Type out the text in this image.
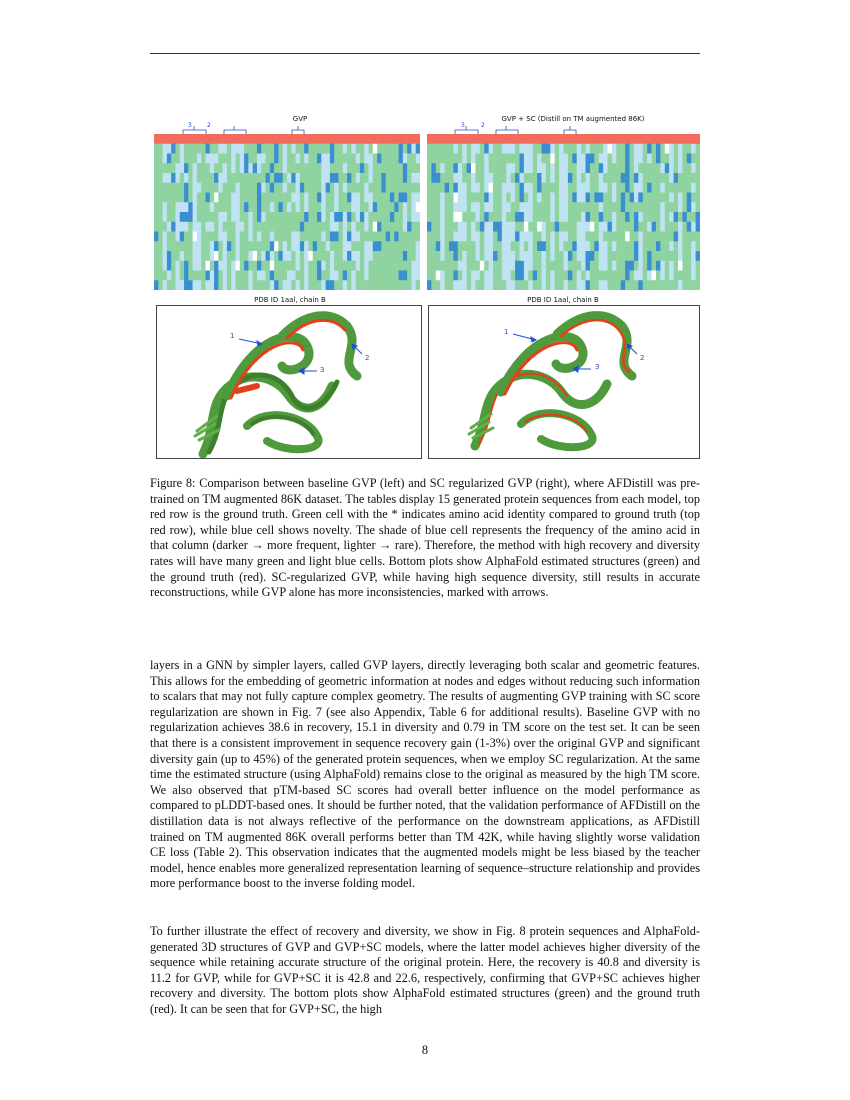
GVP
3	2
PDB ID 1aal, chain B
1
2
3
GVP + SC (Distill on TM augmented 86K)
3	2
PDB ID 1aal, chain B
1
2
3
Figure 8: Comparison between baseline GVP (left) and SC regularized GVP (right), where AFDistill was pre-trained on TM augmented 86K dataset. The tables display 15 generated protein sequences from each model, top red row is the ground truth. Green cell with the * indicates amino acid identity compared to ground truth (top red row), while blue cell shows novelty. The shade of blue cell represents the frequency of the amino acid in that column (darker → more frequent, lighter → rare). Therefore, the method with high recovery and diversity rates will have many green and light blue cells. Bottom plots show AlphaFold estimated structures (green) and the ground truth (red). SC-regularized GVP, while having high sequence diversity, still results in accurate reconstructions, while GVP alone has more inconsistencies, marked with arrows.
layers in a GNN by simpler layers, called GVP layers, directly leveraging both scalar and geometric features. This allows for the embedding of geometric information at nodes and edges without reducing such information to scalars that may not fully capture complex geometry. The results of augmenting GVP training with SC score regularization are shown in Fig. 7 (see also Appendix, Table 6 for additional results). Baseline GVP with no regularization achieves 38.6 in recovery, 15.1 in diversity and 0.79 in TM score on the test set. It can be seen that there is a consistent improvement in sequence recovery gain (1-3%) over the original GVP and significant diversity gain (up to 45%) of the generated protein sequences, when we employ SC regularization. At the same time the estimated structure (using AlphaFold) remains close to the original as measured by the high TM score. We also observed that pTM-based SC scores had overall better influence on the model performance as compared to pLDDT-based ones. It should be further noted, that the validation performance of AFDistill on the distillation data is not always reflective of the performance on the downstream applications, as AFDistill trained on TM augmented 86K overall performs better than TM 42K, while having slightly worse validation CE loss (Table 2). This observation indicates that the augmented models might be less biased by the teacher model, hence enables more generalized representation learning of sequence–structure relationship and provides more performance boost to the inverse folding model.
To further illustrate the effect of recovery and diversity, we show in Fig. 8 protein sequences and AlphaFold-generated 3D structures of GVP and GVP+SC models, where the latter model achieves higher diversity of the sequence while retaining accurate structure of the original protein. Here, the recovery is 40.8 and diversity is 11.2 for GVP, while for GVP+SC it is 42.8 and 22.6, respectively, confirming that GVP+SC achieves higher recovery and diversity. The bottom plots show AlphaFold estimated structures (green) and the ground truth (red). It can be seen that for GVP+SC, the high
8
